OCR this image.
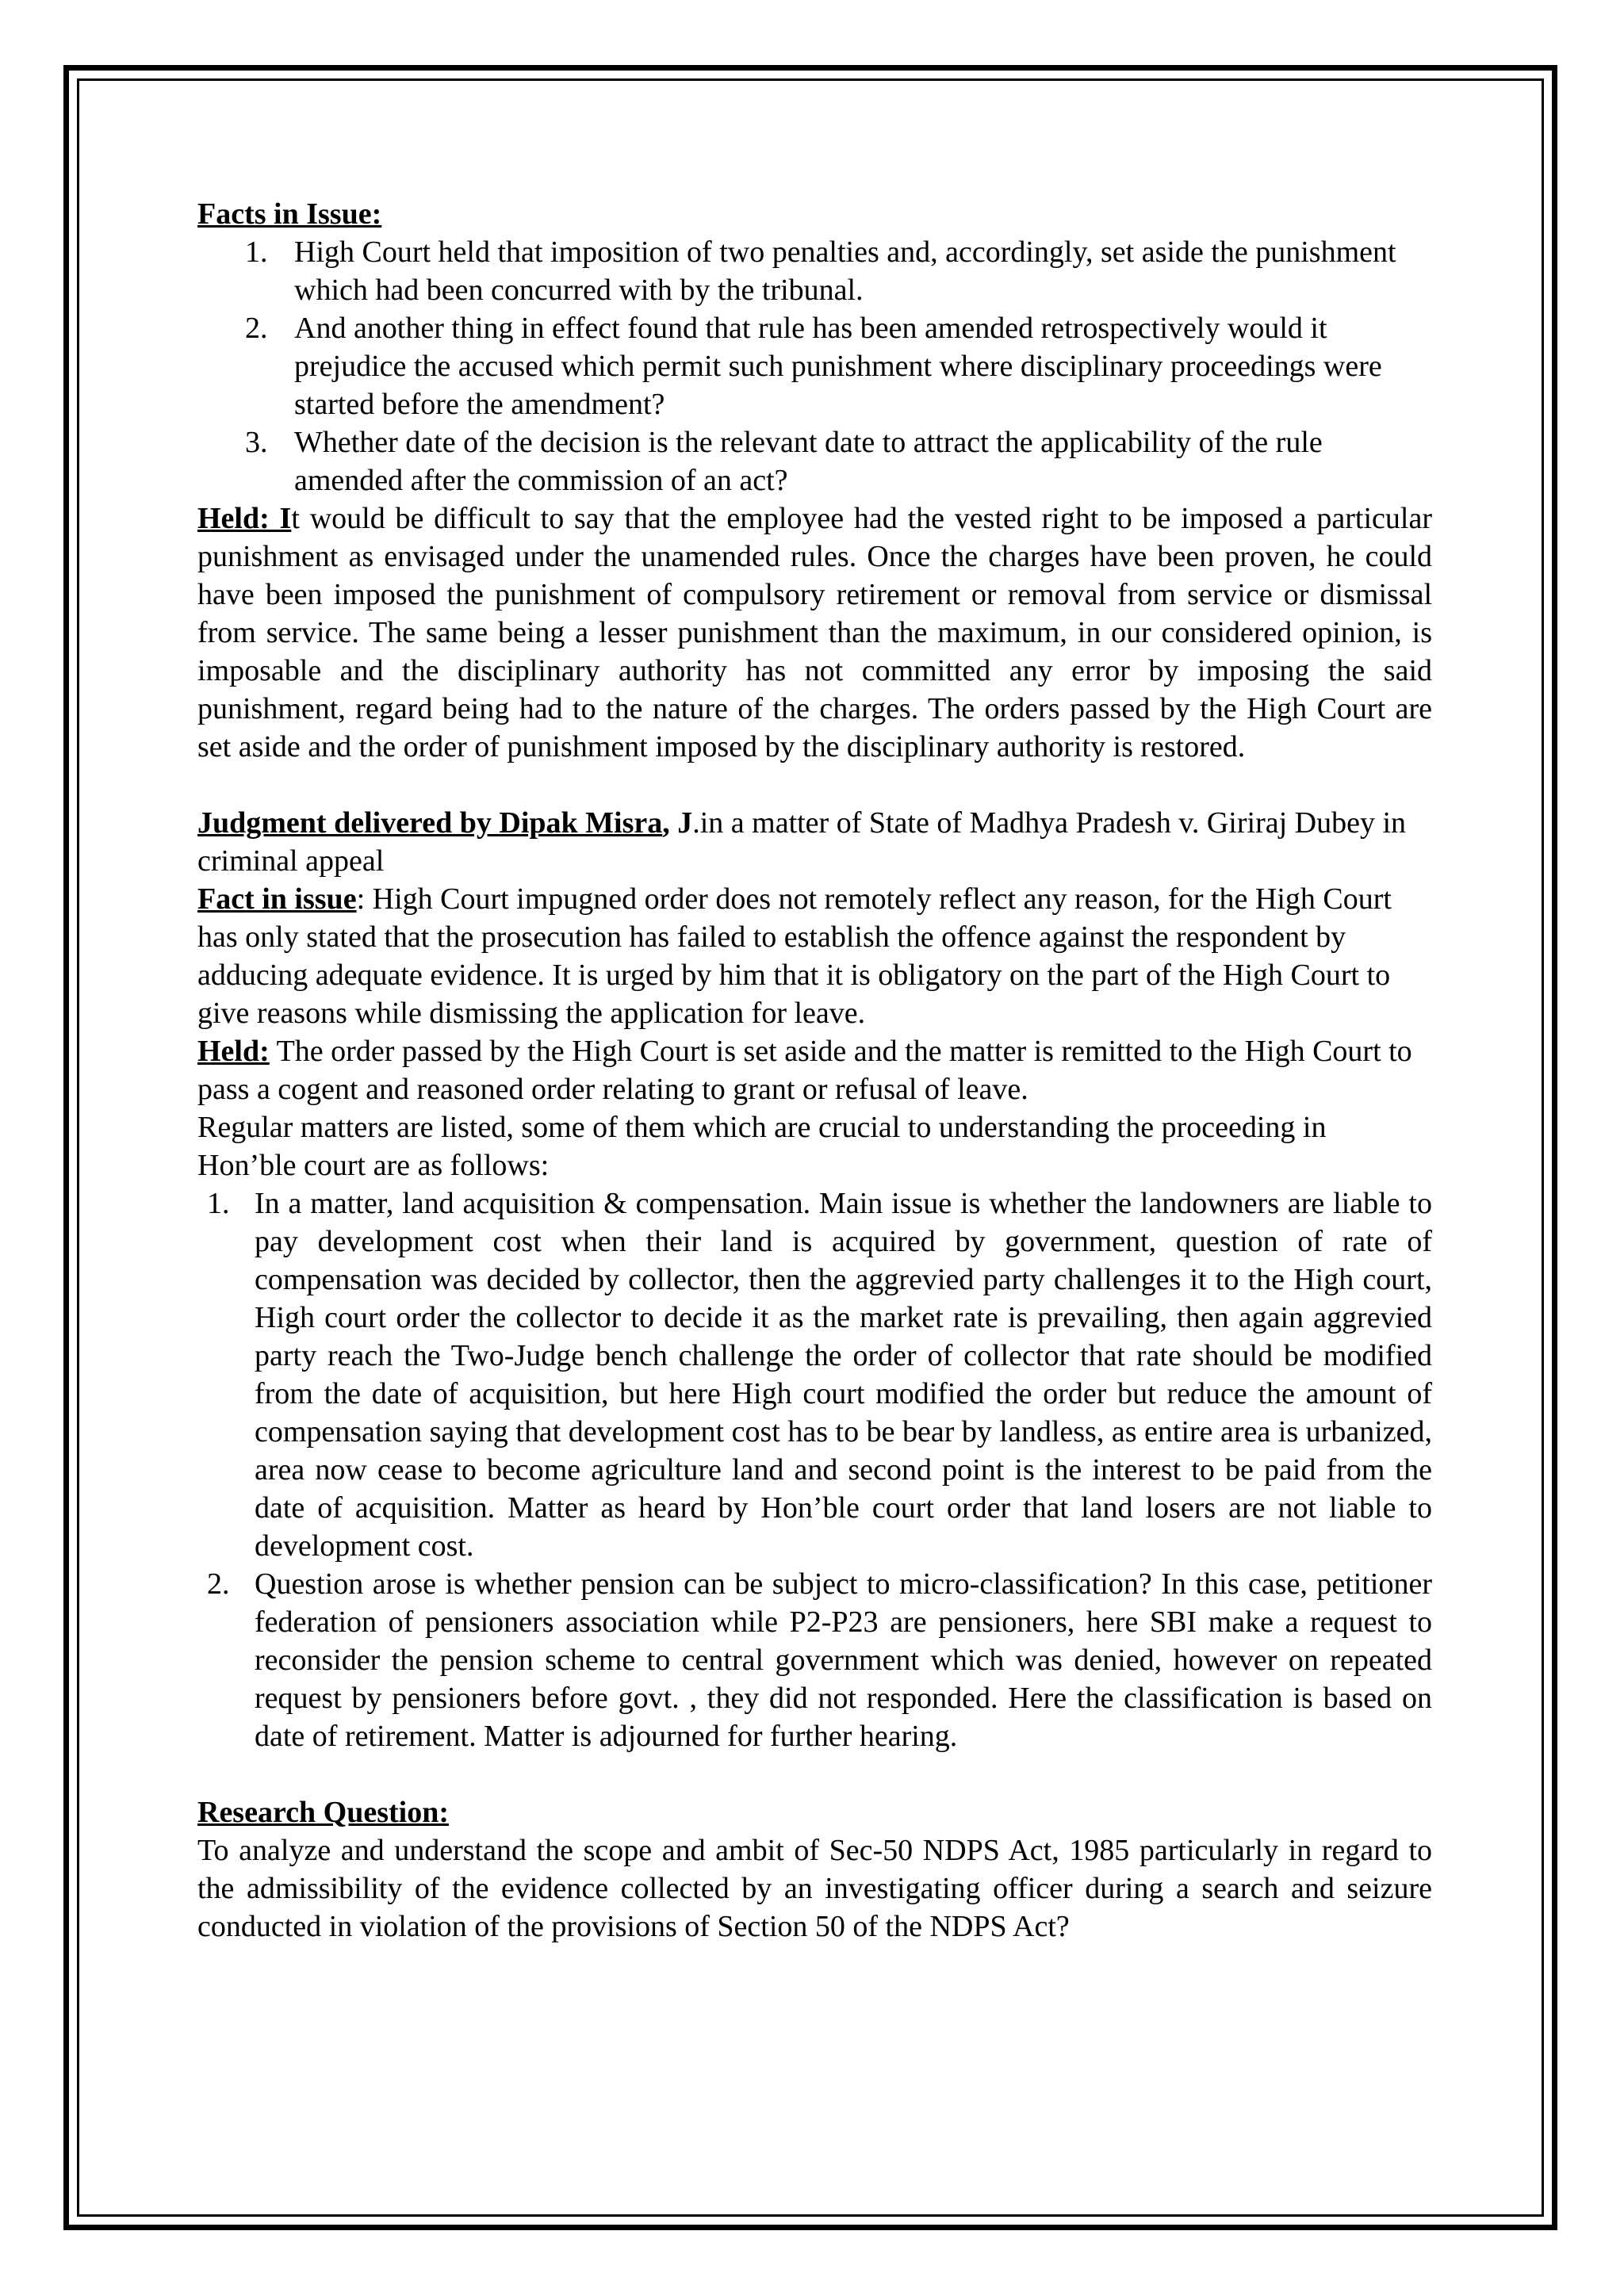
Facts in Issue:

1. High Court held that imposition of two penalties and, accordingly, set aside the punishment which had been concurred with by the tribunal.
2. And another thing in effect found that rule has been amended retrospectively would it prejudice the accused which permit such punishment where disciplinary proceedings were started before the amendment?
3. Whether date of the decision is the relevant date to attract the applicability of the rule amended after the commission of an act?

Held: It would be difficult to say that the employee had the vested right to be imposed a particular punishment as envisaged under the unamended rules. Once the charges have been proven, he could have been imposed the punishment of compulsory retirement or removal from service or dismissal from service. The same being a lesser punishment than the maximum, in our considered opinion, is imposable and the disciplinary authority has not committed any error by imposing the said punishment, regard being had to the nature of the charges. The orders passed by the High Court are set aside and the order of punishment imposed by the disciplinary authority is restored.

Judgment delivered by Dipak Misra, J.in a matter of State of Madhya Pradesh v. Giriraj Dubey in criminal appeal

Fact in issue: High Court impugned order does not remotely reflect any reason, for the High Court has only stated that the prosecution has failed to establish the offence against the respondent by adducing adequate evidence. It is urged by him that it is obligatory on the part of the High Court to give reasons while dismissing the application for leave.

Held: The order passed by the High Court is set aside and the matter is remitted to the High Court to pass a cogent and reasoned order relating to grant or refusal of leave.

Regular matters are listed, some of them which are crucial to understanding the proceeding in Hon’ble court are as follows:

1. In a matter, land acquisition & compensation. Main issue is whether the landowners are liable to pay development cost when their land is acquired by government, question of rate of compensation was decided by collector, then the aggrevied party challenges it to the High court, High court order the collector to decide it as the market rate is prevailing, then again aggrevied party reach the Two-Judge bench challenge the order of collector that rate should be modified from the date of acquisition, but here High court modified the order but reduce the amount of compensation saying that development cost has to be bear by landless, as entire area is urbanized, area now cease to become agriculture land and second point is the interest to be paid from the date of acquisition. Matter as heard by Hon’ble court order that land losers are not liable to development cost.
2. Question arose is whether pension can be subject to micro-classification? In this case, petitioner federation of pensioners association while P2-P23 are pensioners, here SBI make a request to reconsider the pension scheme to central government which was denied, however on repeated request by pensioners before govt. , they did not responded. Here the classification is based on date of retirement. Matter is adjourned for further hearing.

Research Question:

To analyze and understand the scope and ambit of Sec-50 NDPS Act, 1985 particularly in regard to the admissibility of the evidence collected by an investigating officer during a search and seizure conducted in violation of the provisions of Section 50 of the NDPS Act?
